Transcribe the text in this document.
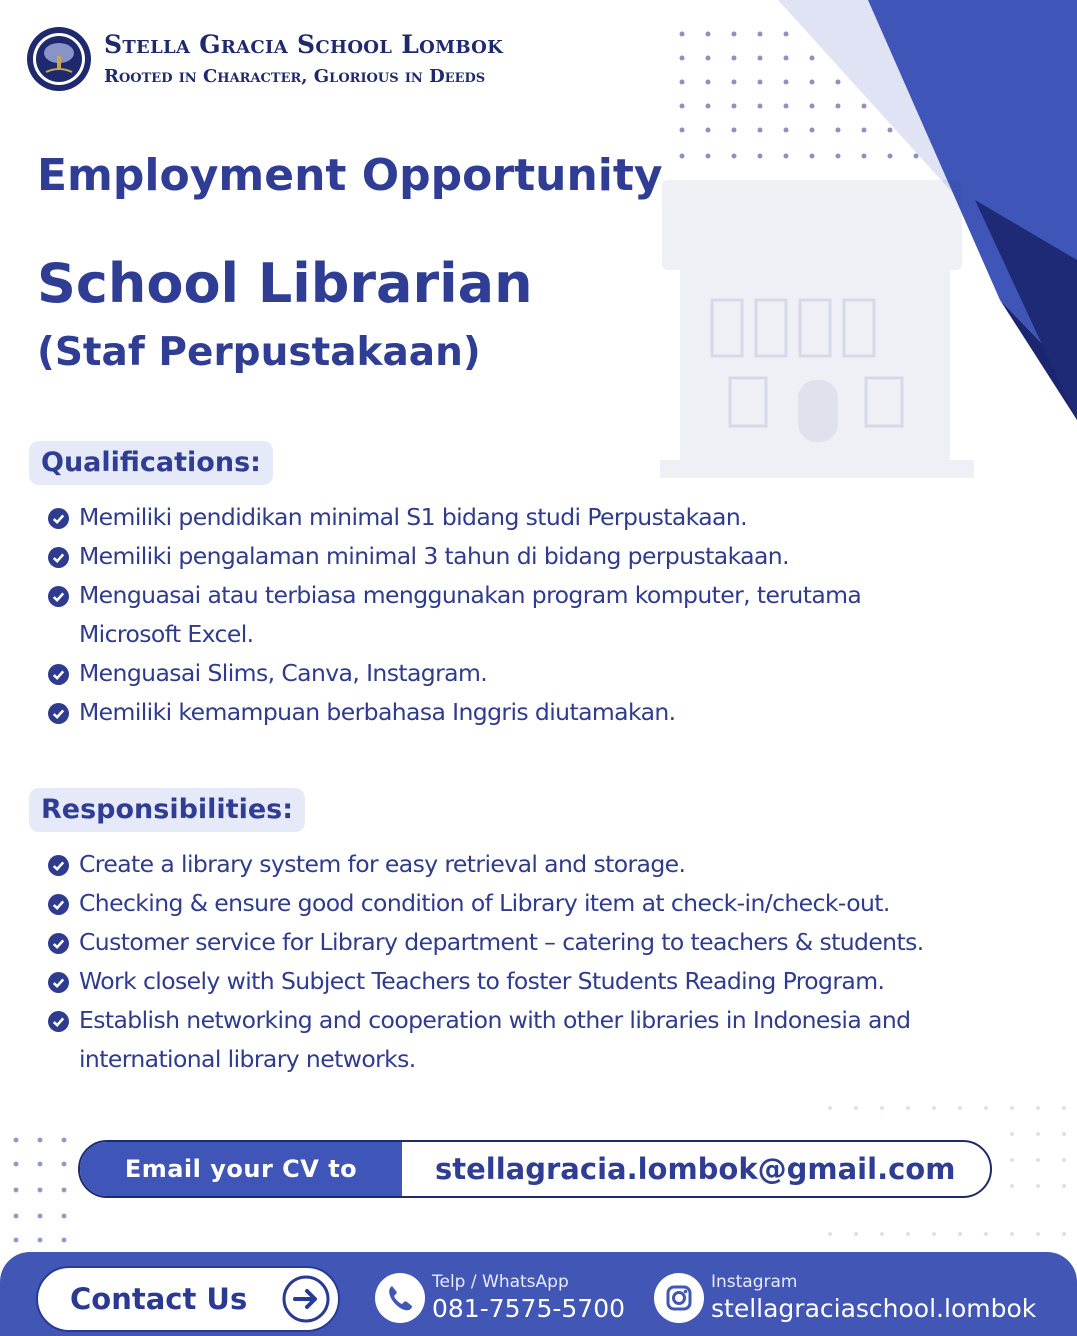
Stella Gracia School Lombok
Rooted in Character, Glorious in Deeds
Employment Opportunity
School Librarian
(Staf Perpustakaan)
Qualifications:
Memiliki pendidikan minimal S1 bidang studi Perpustakaan.
Memiliki pengalaman minimal 3 tahun di bidang perpustakaan.
Menguasai atau terbiasa menggunakan program komputer, terutama Microsoft Excel.
Menguasai Slims, Canva, Instagram.
Memiliki kemampuan berbahasa Inggris diutamakan.
Responsibilities:
Create a library system for easy retrieval and storage.
Checking & ensure good condition of Library item at check-in/check-out.
Customer service for Library department – catering to teachers & students.
Work closely with Subject Teachers to foster Students Reading Program.
Establish networking and cooperation with other libraries in Indonesia and international library networks.
Email your CV to	stellagracia.lombok@gmail.com
Contact Us	Telp / WhatsApp
081-7575-5700
Instagram
stellagraciaschool.lombok
